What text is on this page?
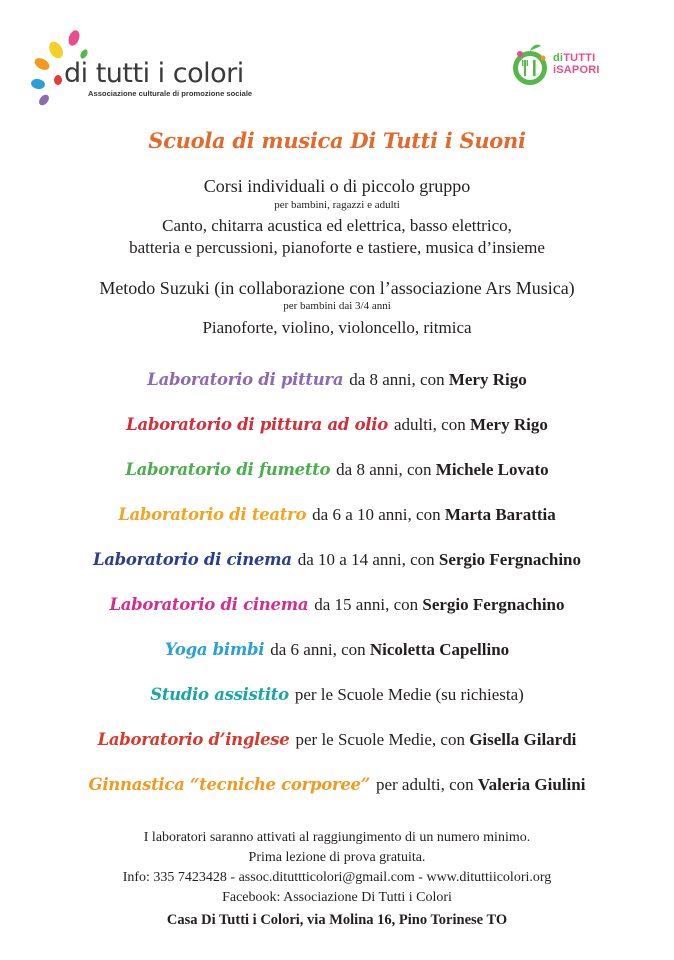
di tutti i colori
Associazione culturale di promozione sociale
diTUTTI
iSAPORI
Scuola di musica Di Tutti i Suoni
Corsi individuali o di piccolo gruppo
per bambini, ragazzi e adulti
Canto, chitarra acustica ed elettrica, basso elettrico,
batteria e percussioni, pianoforte e tastiere, musica d’insieme
Metodo Suzuki (in collaborazione con l’associazione Ars Musica)
per bambini dai 3/4 anni
Pianoforte, violino, violoncello, ritmica
Laboratorio di pittura da 8 anni, con Mery Rigo
Laboratorio di pittura ad olio adulti, con Mery Rigo
Laboratorio di fumetto da 8 anni, con Michele Lovato
Laboratorio di teatro da 6 a 10 anni, con Marta Barattia
Laboratorio di cinema da 10 a 14 anni, con Sergio Fergnachino
Laboratorio di cinema da 15 anni, con Sergio Fergnachino
Yoga bimbi da 6 anni, con Nicoletta Capellino
Studio assistito per le Scuole Medie (su richiesta)
Laboratorio d’inglese per le Scuole Medie, con Gisella Gilardi
Ginnastica “tecniche corporee” per adulti, con Valeria Giulini
I laboratori saranno attivati al raggiungimento di un numero minimo.
Prima lezione di prova gratuita.
Info: 335 7423428 - assoc.dituttticolori@gmail.com - www.dituttiicolori.org
Facebook: Associazione Di Tutti i Colori
Casa Di Tutti i Colori, via Molina 16, Pino Torinese TO
